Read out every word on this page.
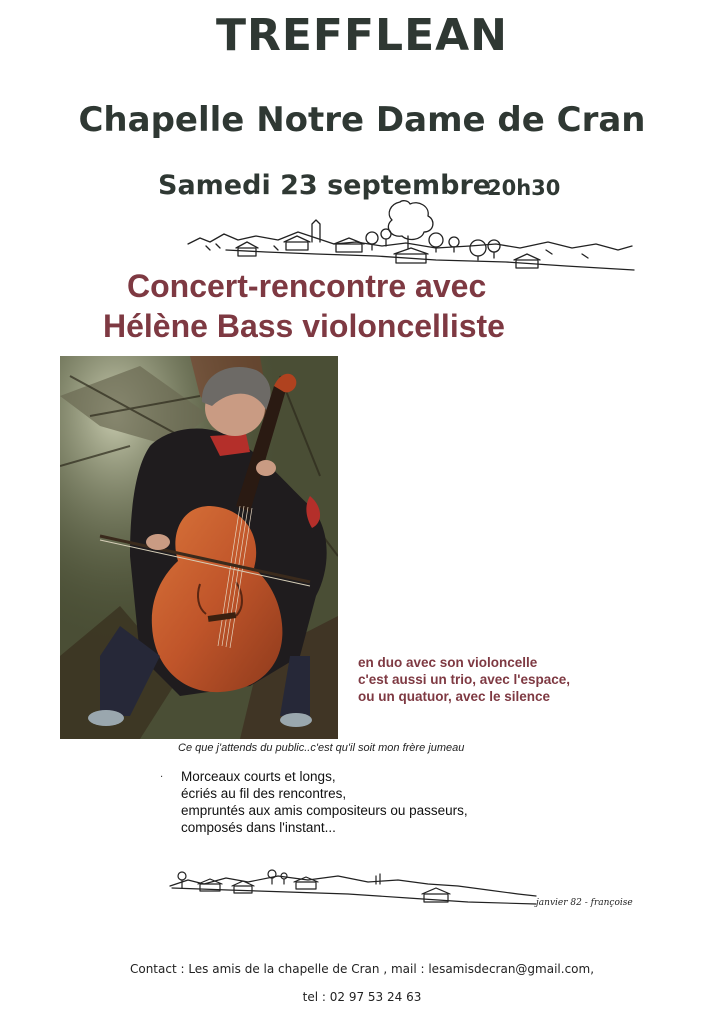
TREFFLEAN
Chapelle Notre Dame de Cran
Samedi 23 septembre
20h30
Concert-rencontre avec
Hélène Bass violoncelliste
en duo avec son violoncelle
c'est aussi un trio, avec l'espace,
ou un quatuor, avec le silence
Ce que j'attends du public..c'est qu'il soit mon frère jumeau
· Morceaux courts et longs,
écriés au fil des rencontres,
empruntés aux amis compositeurs ou passeurs,
composés dans l'instant...
janvier 82 - françoise
Contact : Les amis de la chapelle de Cran , mail : lesamisdecran@gmail.com,
tel : 02 97 53 24 63
